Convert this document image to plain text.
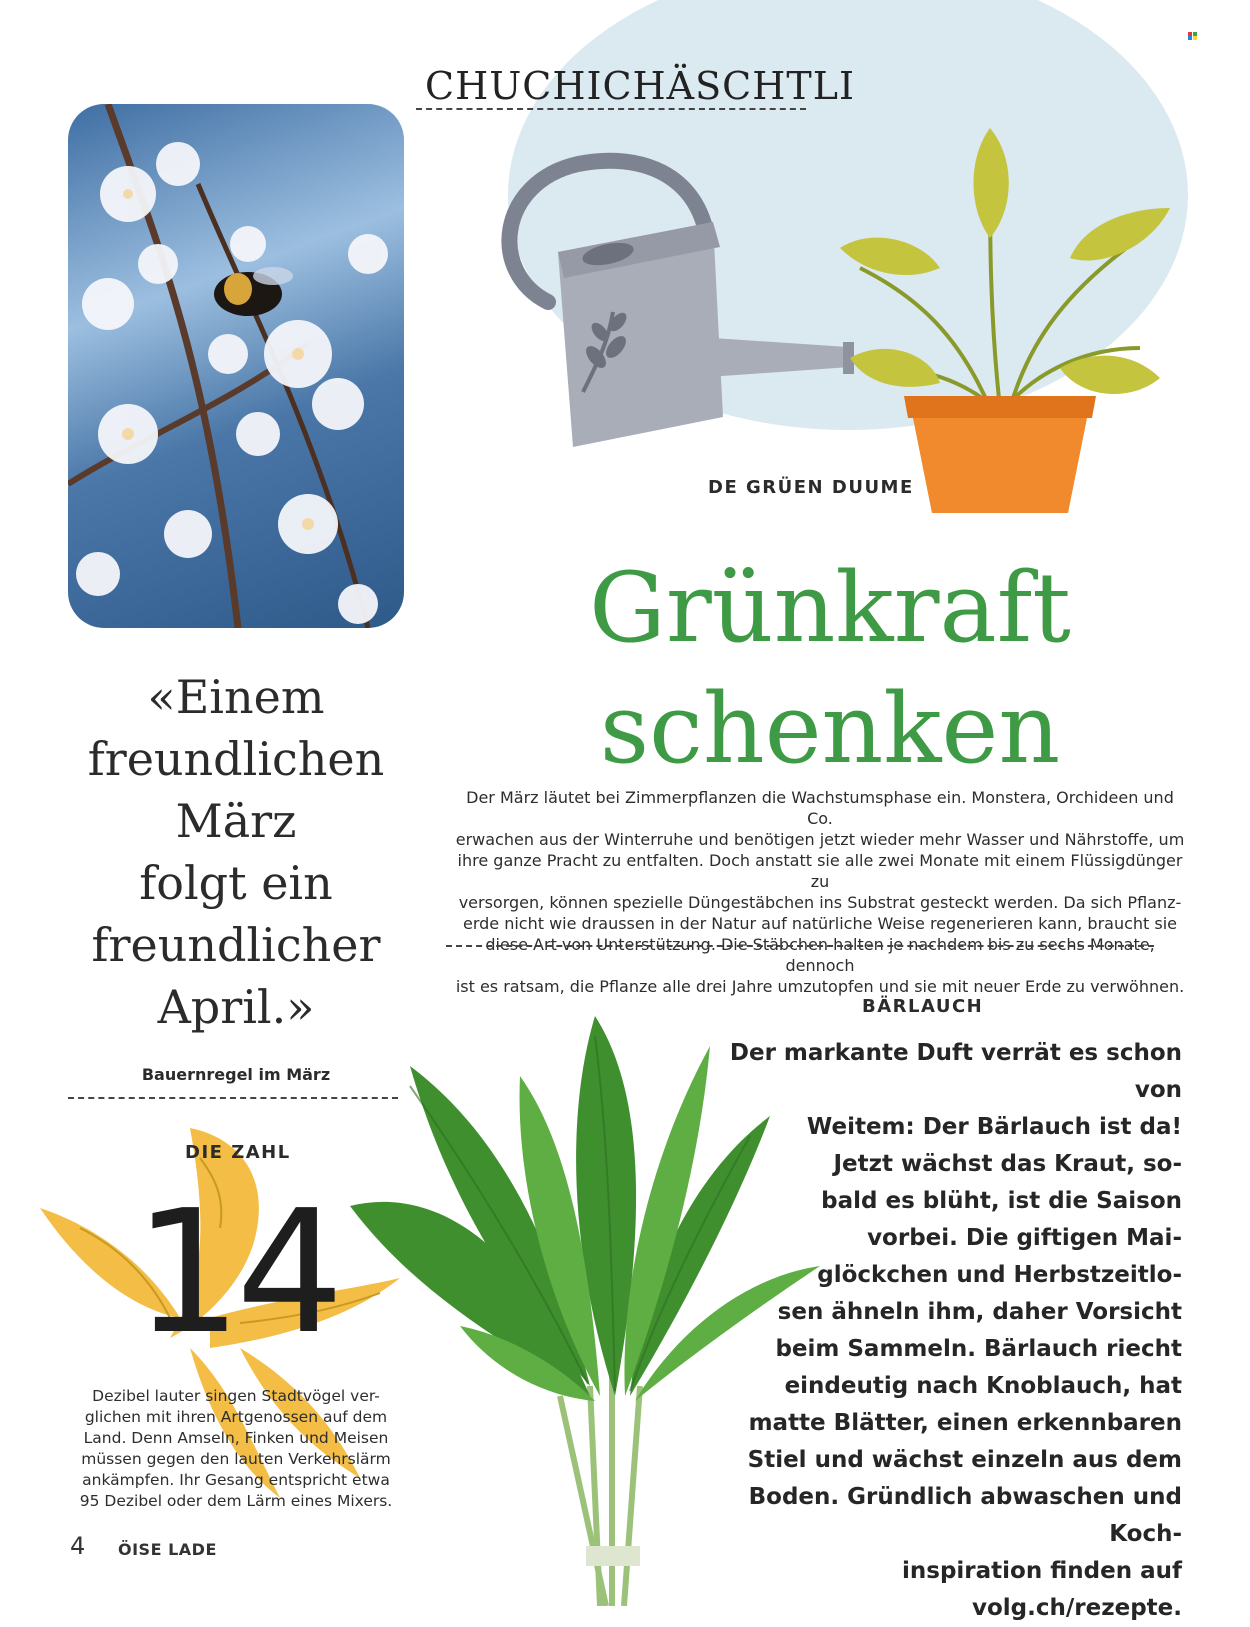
CHUCHICHÄSCHTLI
DE GRÜEN DUUME
Grünkraft
schenken
Der März läutet bei Zimmerpflanzen die Wachstumsphase ein. Monstera, Orchideen und Co.
erwachen aus der Winterruhe und benötigen jetzt wieder mehr Wasser und Nährstoffe, um
ihre ganze Pracht zu entfalten. Doch anstatt sie alle zwei Monate mit einem Flüssigdünger zu
versorgen, können spezielle Düngestäbchen ins Substrat gesteckt werden. Da sich Pflanz-
erde nicht wie draussen in der Natur auf natürliche Weise regenerieren kann, braucht sie
diese Art von Unterstützung. Die Stäbchen halten je nachdem bis zu sechs Monate, dennoch
ist es ratsam, die Pflanze alle drei Jahre umzutopfen und sie mit neuer Erde zu verwöhnen.
«Einem
freundlichen
März
folgt ein
freundlicher
April.»
Bauernregel im März
DIE ZAHL
14
Dezibel lauter singen Stadtvögel ver-
glichen mit ihren Artgenossen auf dem
Land. Denn Amseln, Finken und Meisen
müssen gegen den lauten Verkehrslärm
ankämpfen. Ihr Gesang entspricht etwa
95 Dezibel oder dem Lärm eines Mixers.
BÄRLAUCH
Der markante Duft verrät es schon von
Weitem: Der Bärlauch ist da!
Jetzt wächst das Kraut, so-
bald es blüht, ist die Saison
vorbei. Die giftigen Mai-
glöckchen und Herbstzeitlo-
sen ähneln ihm, daher Vorsicht
beim Sammeln. Bärlauch riecht
eindeutig nach Knoblauch, hat
matte Blätter, einen erkennbaren
Stiel und wächst einzeln aus dem
Boden. Gründlich abwaschen und Koch-
inspiration finden auf volg.ch/rezepte.
4 ÖISE LADE
